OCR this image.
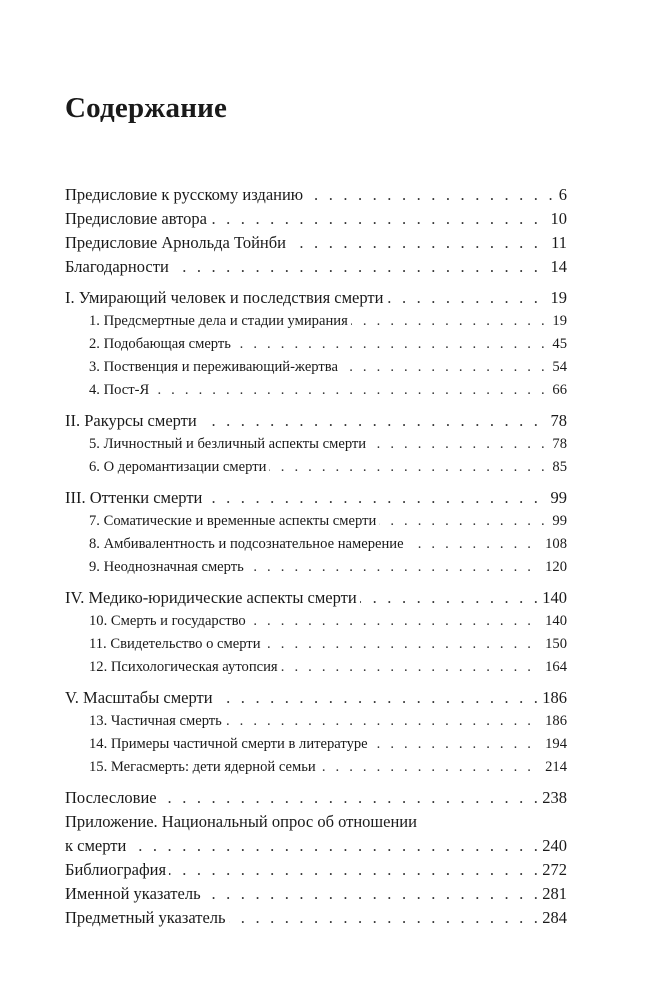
Содержание
. . .
Предисловие к русскому изданию	6
. . .
Предисловие автора	10
. . .
Предисловие Арнольда Тойнби	11
. . .
Благодарности	14
. . .
I. Умирающий человек и последствия смерти	19
. . .
1. Предсмертные дела и стадии умирания	19
. . .
2. Подобающая смерть	45
. . .
3. Поственция и переживающий-жертва	54
. . .
4. Пост-Я	66
. . .
II. Ракурсы смерти	78
. . .
5. Личностный и безличный аспекты смерти	78
. . .
6. О деромантизации смерти	85
. . .
III. Оттенки смерти	99
. . .
7. Соматические и временные аспекты смерти	99
. . .
8. Амбивалентность и подсознательное намерение	108
. . .
9. Неоднозначная смерть	120
. . .
IV. Медико-юридические аспекты смерти	140
. . .
10. Смерть и государство	140
. . .
11. Свидетельство о смерти	150
. . .
12. Психологическая аутопсия	164
. . .
V. Масштабы смерти	186
. . .
13. Частичная смерть	186
. . .
14. Примеры частичной смерти в литературе	194
. . .
15. Мегасмерть: дети ядерной семьи	214
. . .
Послесловие	238
Приложение. Национальный опрос об отношении
. . .
к смерти	240
. . .
Библиография	272
. . .
Именной указатель	281
. . .
Предметный указатель	284
